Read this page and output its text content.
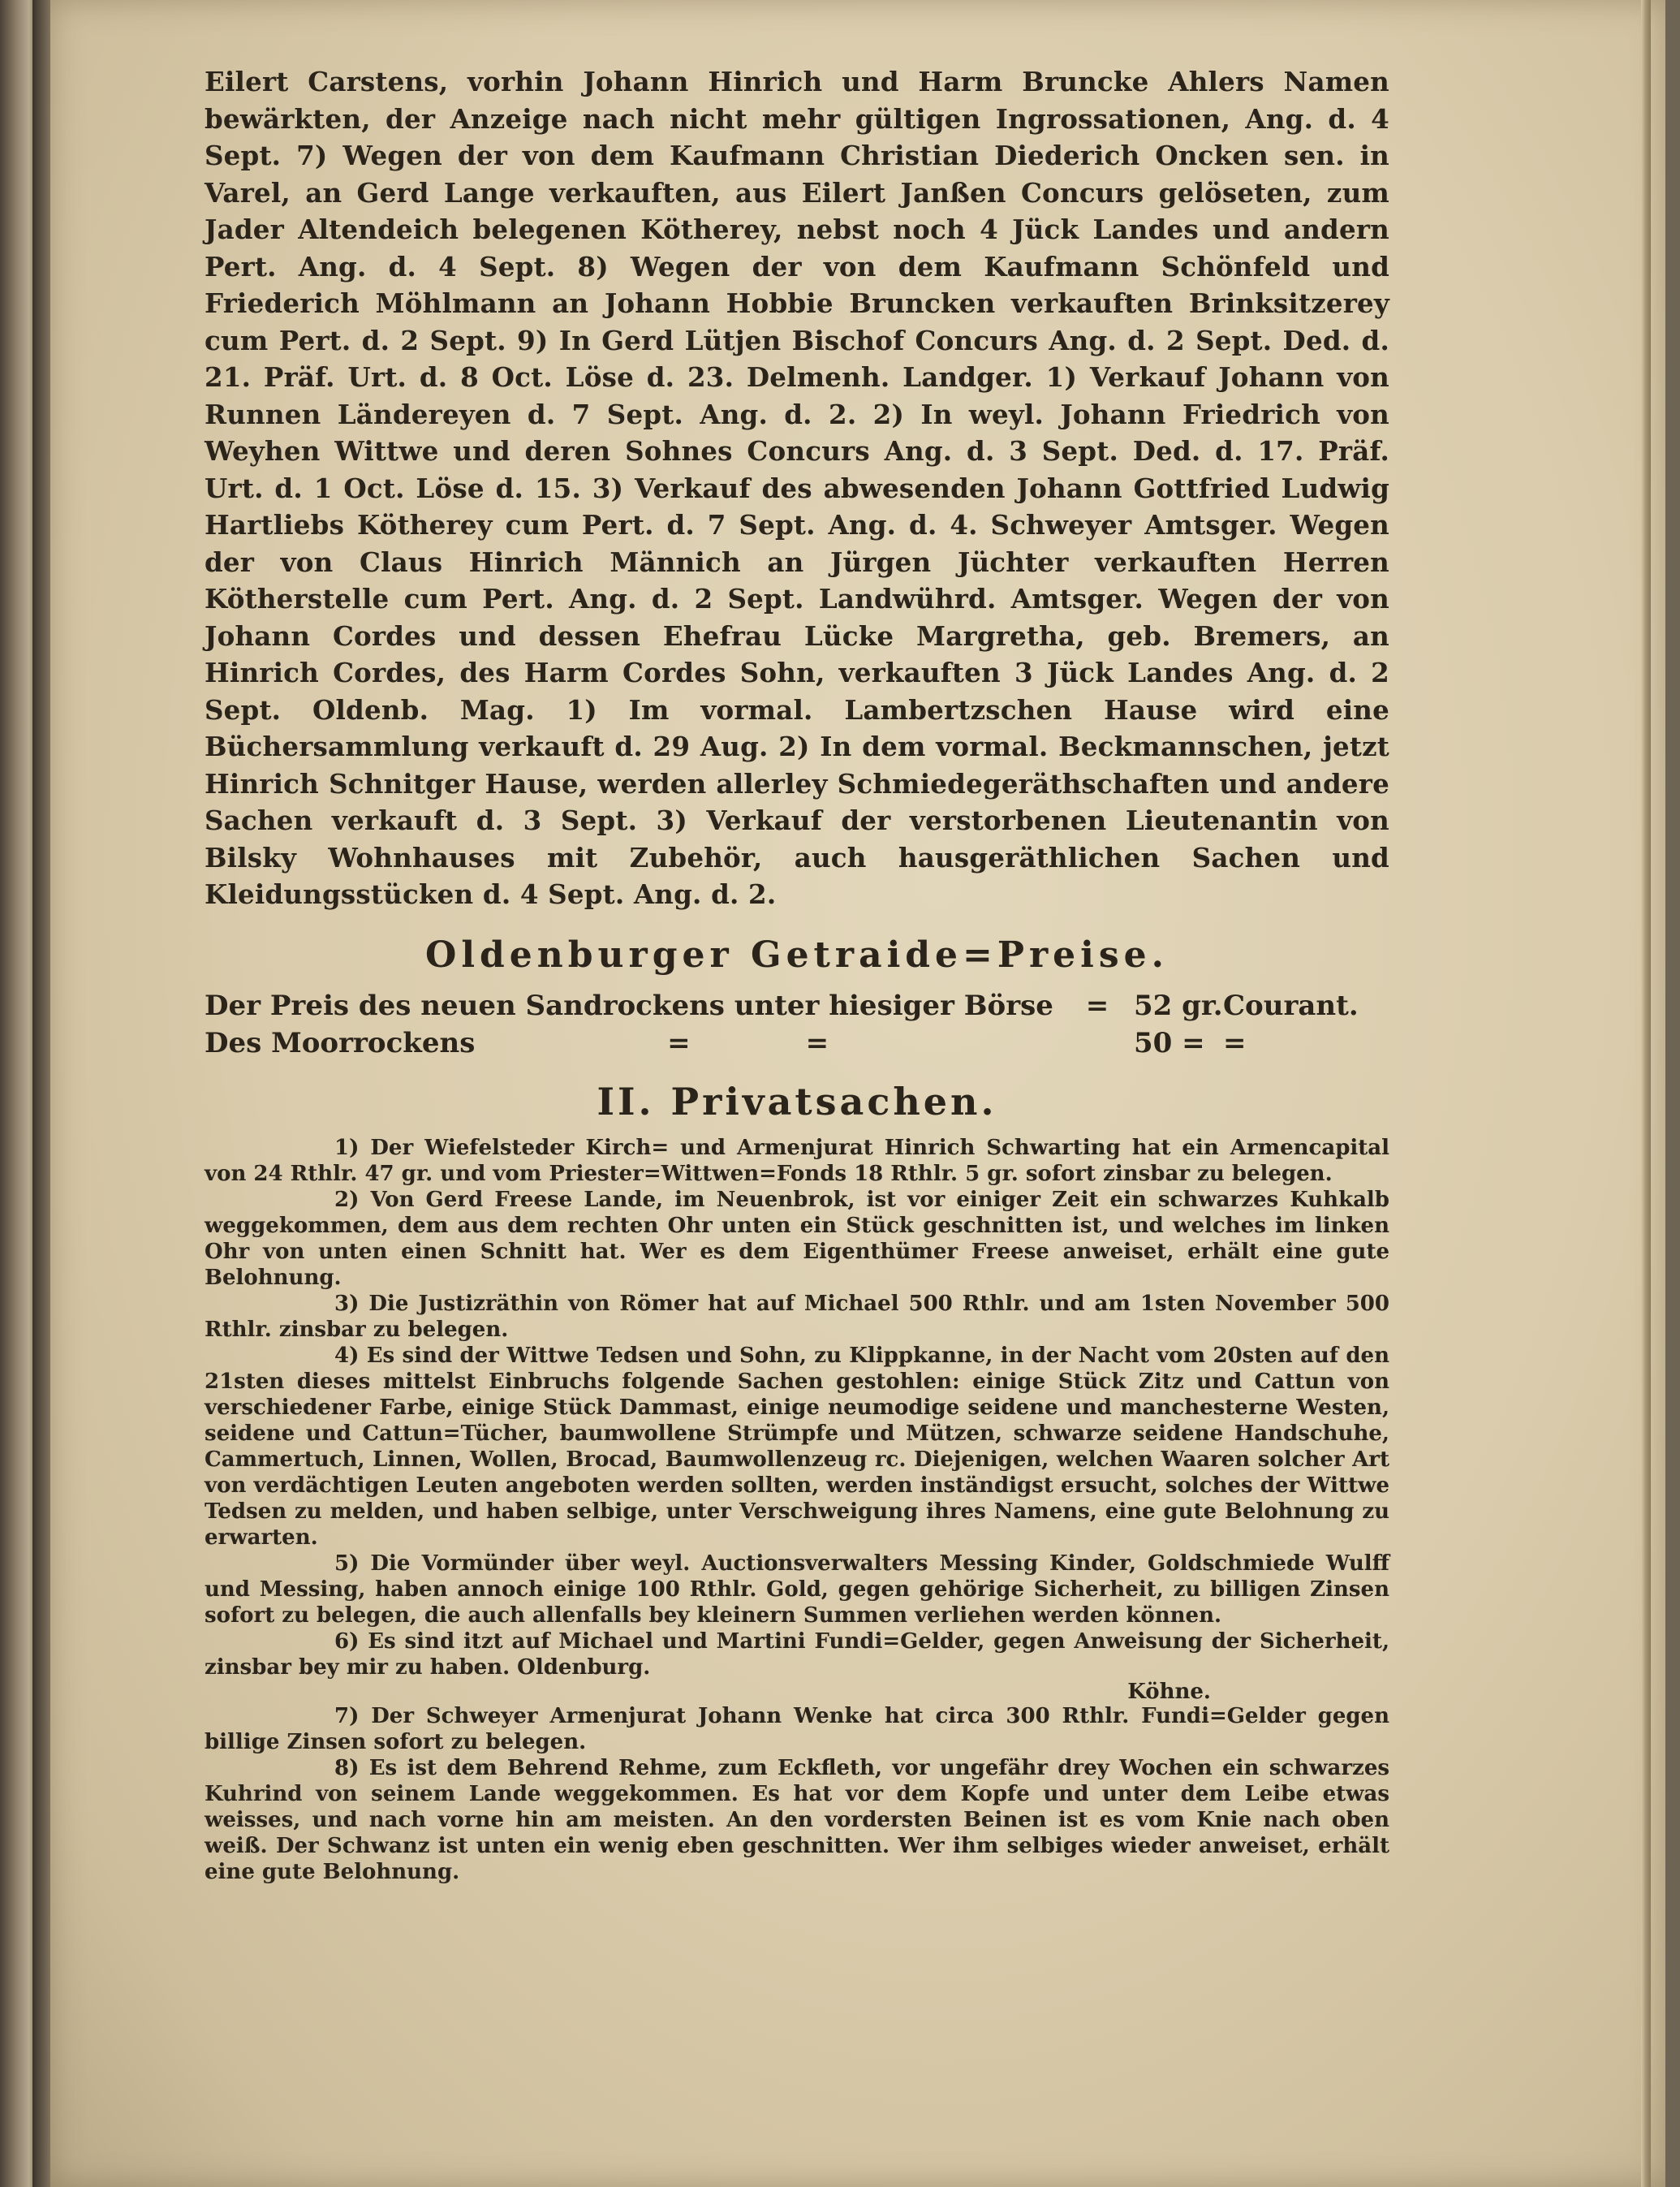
Eilert Carstens, vorhin Johann Hinrich und Harm Brunckе Ahlers Namen bewärkten, der Anzeige nach nicht mehr gültigen Ingrossationen, Ang. d. 4 Sept. 7) Wegen der von dem Kaufmann Christian Diederich Oncken sen. in Varel, an Gerd Lange verkauften, aus Eilert Janßen Concurs gelöseten, zum Jader Altendeich belegenen Kötherey, nebst noch 4 Jück Landes und andern Pert. Ang. d. 4 Sept. 8) Wegen der von dem Kaufmann Schönfeld und Friederich Möhlmann an Johann Hobbie Bruncken verkauften Brinksitzerey cum Pert. d. 2 Sept. 9) In Gerd Lütjen Bischof Concurs Ang. d. 2 Sept. Ded. d. 21. Präf. Urt. d. 8 Oct. Löse d. 23. Delmenh. Landger. 1) Verkauf Johann von Runnen Ländereyen d. 7 Sept. Ang. d. 2. 2) In weyl. Johann Friedrich von Weyhen Wittwe und deren Sohnes Concurs Ang. d. 3 Sept. Ded. d. 17. Präf. Urt. d. 1 Oct. Löse d. 15. 3) Verkauf des abwesenden Johann Gottfried Ludwig Hartliebs Kötherey cum Pert. d. 7 Sept. Ang. d. 4. Schweyer Amtsger. Wegen der von Claus Hinrich Männich an Jürgen Jüchter verkauften Herren Kötherstelle cum Pert. Ang. d. 2 Sept. Landwührd. Amtsger. Wegen der von Johann Cordes und dessen Ehefrau Lücke Margretha, geb. Bremers, an Hinrich Cordes, des Harm Cordes Sohn, verkauften 3 Jück Landes Ang. d. 2 Sept. Oldenb. Mag. 1) Im vormal. Lambertzschen Hause wird eine Büchersammlung verkauft d. 29 Aug. 2) In dem vormal. Beckmannschen, jetzt Hinrich Schnitger Hause, werden allerley Schmiedegeräthschaften und andere Sachen verkauft d. 3 Sept. 3) Verkauf der verstorbenen Lieutenantin von Bilsky Wohnhauses mit Zubehör, auch hausgeräthlichen Sachen und Kleidungsstücken d. 4 Sept. Ang. d. 2.

Oldenburger Getraide=Preise.
Der Preis des neuen Sandrockens unter hiesiger Börse	= 52 gr. Courant.
Des Moorrockens                    =            =	50 = =
II. Privatsachen.

1) Der Wiefelsteder Kirch= und Armenjurat Hinrich Schwarting hat ein Armencapital von 24 Rthlr. 47 gr. und vom Priester=Wittwen=Fonds 18 Rthlr. 5 gr. sofort zinsbar zu belegen.

2) Von Gerd Freese Lande, im Neuenbrok, ist vor einiger Zeit ein schwarzes Kuhkalb weggekommen, dem aus dem rechten Ohr unten ein Stück geschnitten ist, und welches im linken Ohr von unten einen Schnitt hat. Wer es dem Eigenthümer Freese anweiset, erhält eine gute Belohnung.

3) Die Justizräthin von Römer hat auf Michael 500 Rthlr. und am 1sten November 500 Rthlr. zinsbar zu belegen.

4) Es sind der Wittwe Tedsen und Sohn, zu Klippkanne, in der Nacht vom 20sten auf den 21sten dieses mittelst Einbruchs folgende Sachen gestohlen: einige Stück Zitz und Cattun von verschiedener Farbe, einige Stück Dammast, einige neumodige seidene und manchesterne Westen, seidene und Cattun=Tücher, baumwollene Strümpfe und Mützen, schwarze seidene Handschuhe, Cammertuch, Linnen, Wollen, Brocad, Baumwollenzeug rc. Diejenigen, welchen Waaren solcher Art von verdächtigen Leuten angeboten werden sollten, werden inständigst ersucht, solches der Wittwe Tedsen zu melden, und haben selbige, unter Verschweigung ihres Namens, eine gute Belohnung zu erwarten.

5) Die Vormünder über weyl. Auctionsverwalters Messing Kinder, Goldschmiede Wulff und Messing, haben annoch einige 100 Rthlr. Gold, gegen gehörige Sicherheit, zu billigen Zinsen sofort zu belegen, die auch allenfalls bey kleinern Summen verliehen werden können.

6) Es sind itzt auf Michael und Martini Fundi=Gelder, gegen Anweisung der Sicherheit, zinsbar bey mir zu haben. Oldenburg.

Köhne.

7) Der Schweyer Armenjurat Johann Wenke hat circa 300 Rthlr. Fundi=Gelder gegen billige Zinsen sofort zu belegen.

8) Es ist dem Behrend Rehme, zum Eckfleth, vor ungefähr drey Wochen ein schwarzes Kuhrind von seinem Lande weggekommen. Es hat vor dem Kopfe und unter dem Leibe etwas weisses, und nach vorne hin am meisten. An den vordersten Beinen ist es vom Knie nach oben weiß. Der Schwanz ist unten ein wenig eben geschnitten. Wer ihm selbiges wieder anweiset, erhält eine gute Belohnung.
